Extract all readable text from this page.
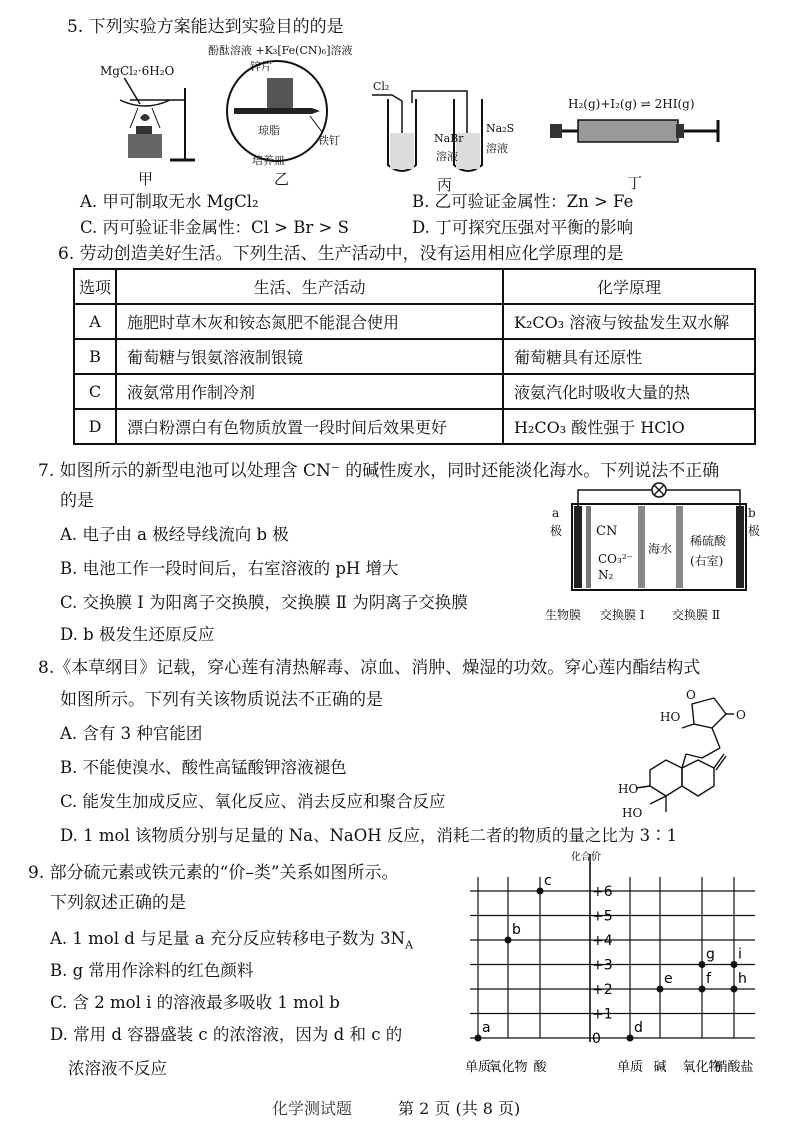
5. 下列实验方案能达到实验目的的是
MgCl₂·6H₂O
甲
酚酞溶液 +K₃[Fe(CN)₆]溶液
锌片
琼脂
铁钉
培养皿
乙
Cl₂
NaBr
溶液
Na₂S
溶液
丙
H₂(g)+I₂(g) ⇌ 2HI(g)
丁
A. 甲可制取无水 MgCl₂	B. 乙可验证金属性：Zn > Fe
C. 丙可验证非金属性：Cl > Br > S	D. 丁可探究压强对平衡的影响
6. 劳动创造美好生活。下列生活、生产活动中，没有运用相应化学原理的是
选项	生活、生产活动	化学原理
A	施肥时草木灰和铵态氮肥不能混合使用	K₂CO₃ 溶液与铵盐发生双水解
B	葡萄糖与银氨溶液制银镜	葡萄糖具有还原性
C	液氨常用作制冷剂	液氨汽化时吸收大量的热
D	漂白粉漂白有色物质放置一段时间后效果更好	H₂CO₃ 酸性强于 HClO
7. 如图所示的新型电池可以处理含 CN⁻ 的碱性废水，同时还能淡化海水。下列说法不正确
的是
A. 电子由 a 极经导线流向 b 极
B. 电池工作一段时间后，右室溶液的 pH 增大
C. 交换膜 Ⅰ 为阳离子交换膜，交换膜 Ⅱ 为阴离子交换膜
D. b 极发生还原反应
a
极
b
极
CN
CO₃²⁻
N₂
海水
稀硫酸
(右室)
生物膜 交换膜 Ⅰ 交换膜 Ⅱ
8.《本草纲目》记载，穿心莲有清热解毒、凉血、消肿、燥湿的功效。穿心莲内酯结构式
如图所示。下列有关该物质说法不正确的是
A. 含有 3 种官能团
B. 不能使溴水、酸性高锰酸钾溶液褪色
C. 能发生加成反应、氧化反应、消去反应和聚合反应
D. 1 mol 该物质分别与足量的 Na、NaOH 反应，消耗二者的物质的量之比为 3∶1
O
O
HO
HO
HO
9. 部分硫元素或铁元素的“价–类”关系如图所示。
下列叙述正确的是
A. 1 mol d 与足量 a 充分反应转移电子数为 $3N_A$
B. g 常用作涂料的红色颜料
C. 含 2 mol i 的溶液最多吸收 1 mol b
D. 常用 d 容器盛装 c 的浓溶液，因为 d 和 c 的
浓溶液不反应
化合价
0
+1
+2
+3
+4
+5
+6
单质
氧化物 酸	单质 碱 氧化物
硝酸盐
a
b
c
d
e f
g
h
i
化学测试题	第 2 页 (共 8 页)
